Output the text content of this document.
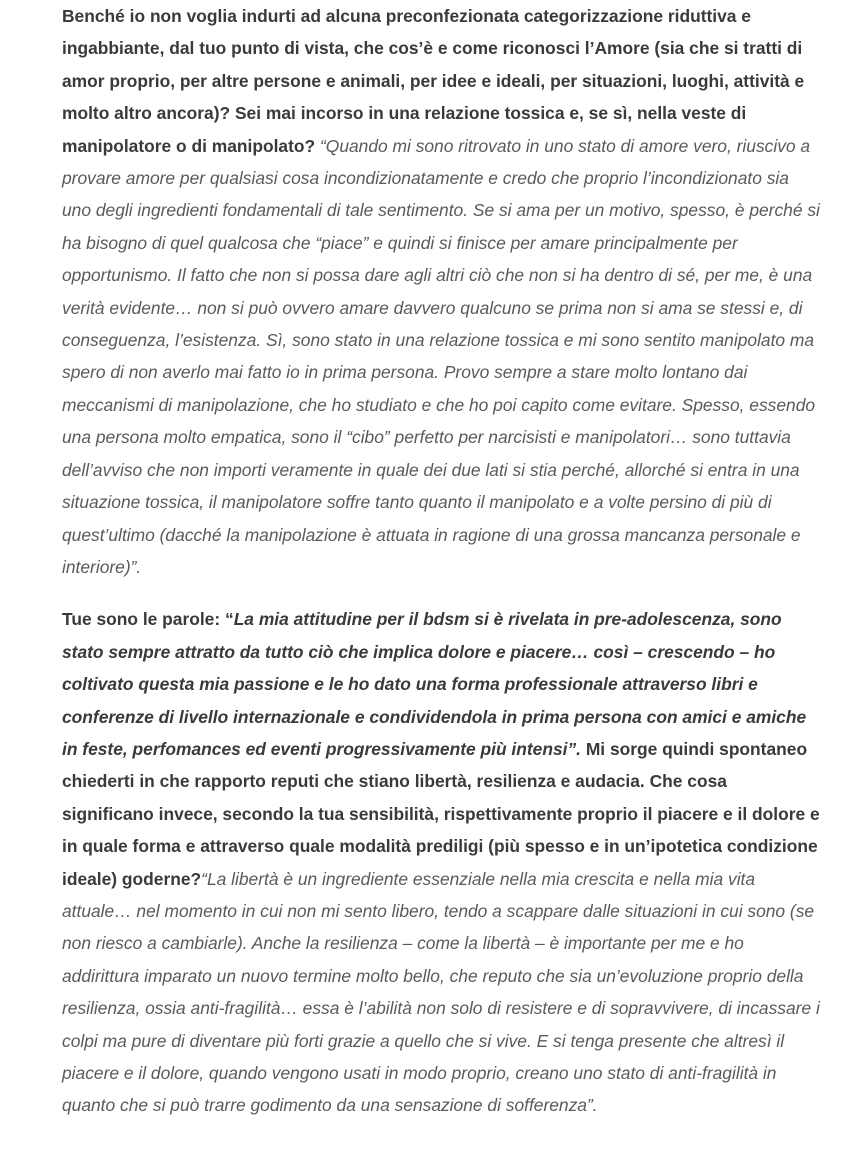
Benché io non voglia indurti ad alcuna preconfezionata categorizzazione riduttiva e ingabbiante, dal tuo punto di vista, che cos’è e come riconosci l’Amore (sia che si tratti di amor proprio, per altre persone e animali, per idee e ideali, per situazioni, luoghi, attività e molto altro ancora)? Sei mai incorso in una relazione tossica e, se sì, nella veste di manipolatore o di manipolato? “Quando mi sono ritrovato in uno stato di amore vero, riuscivo a provare amore per qualsiasi cosa incondizionatamente e credo che proprio l’incondizionato sia uno degli ingredienti fondamentali di tale sentimento. Se si ama per un motivo, spesso, è perché si ha bisogno di quel qualcosa che “piace” e quindi si finisce per amare principalmente per opportunismo. Il fatto che non si possa dare agli altri ciò che non si ha dentro di sé, per me, è una verità evidente… non si può ovvero amare davvero qualcuno se prima non si ama se stessi e, di conseguenza, l’esistenza. Sì, sono stato in una relazione tossica e mi sono sentito manipolato ma spero di non averlo mai fatto io in prima persona. Provo sempre a stare molto lontano dai meccanismi di manipolazione, che ho studiato e che ho poi capito come evitare. Spesso, essendo una persona molto empatica, sono il “cibo” perfetto per narcisisti e manipolatori… sono tuttavia dell’avviso che non importi veramente in quale dei due lati si stia perché, allorché si entra in una situazione tossica, il manipolatore soffre tanto quanto il manipolato e a volte persino di più di quest’ultimo (dacché la manipolazione è attuata in ragione di una grossa mancanza personale e interiore)”.

Tue sono le parole: “La mia attitudine per il bdsm si è rivelata in pre-adolescenza, sono stato sempre attratto da tutto ciò che implica dolore e piacere… così – crescendo – ho coltivato questa mia passione e le ho dato una forma professionale attraverso libri e conferenze di livello internazionale e condividendola in prima persona con amici e amiche in feste, perfomances ed eventi progressivamente più intensi”. Mi sorge quindi spontaneo chiederti in che rapporto reputi che stiano libertà, resilienza e audacia. Che cosa significano invece, secondo la tua sensibilità, rispettivamente proprio il piacere e il dolore e in quale forma e attraverso quale modalità prediligi (più spesso e in un’ipotetica condizione ideale) goderne?“La libertà è un ingrediente essenziale nella mia crescita e nella mia vita attuale… nel momento in cui non mi sento libero, tendo a scappare dalle situazioni in cui sono (se non riesco a cambiarle). Anche la resilienza – come la libertà – è importante per me e ho addirittura imparato un nuovo termine molto bello, che reputo che sia un’evoluzione proprio della resilienza, ossia anti-fragilità… essa è l’abilità non solo di resistere e di sopravvivere, di incassare i colpi ma pure di diventare più forti grazie a quello che si vive. E si tenga presente che altresì il piacere e il dolore, quando vengono usati in modo proprio, creano uno stato di anti-fragilità in quanto che si può trarre godimento da una sensazione di sofferenza”.
